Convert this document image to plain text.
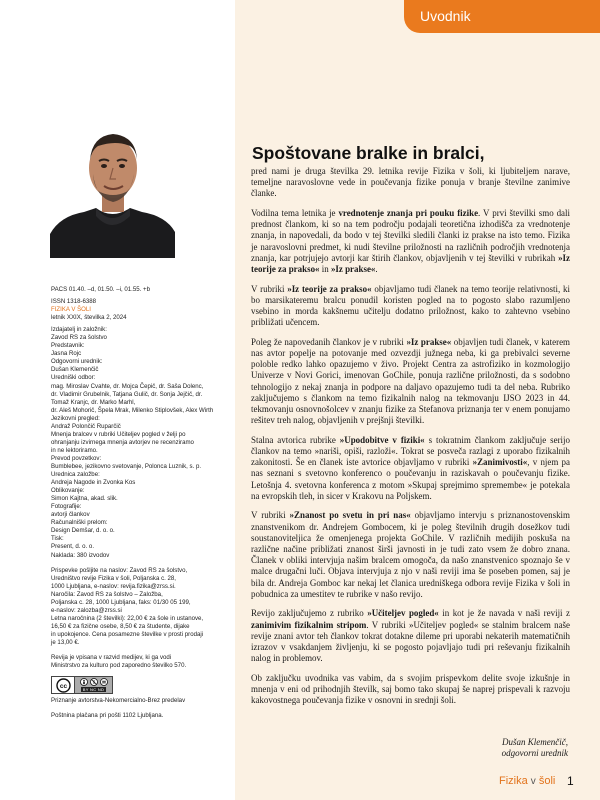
Uvodnik
PACS 01.40. –d, 01.50. –i, 01.55. +b
ISSN 1318-6388
FIZIKA V ŠOLI
letnik XXIX, številka 2, 2024
Izdajatelj in založnik:
Zavod RS za šolstvo
Predstavnik:
Jasna Rojc
Odgovorni urednik:
Dušan Klemenčič
Uredniški odbor:
mag. Miroslav Cvahte, dr. Mojca Čepič, dr. Saša Dolenc,
dr. Vladimir Grubelnik, Tatjana Gulič, dr. Sonja Jejčič, dr.
Tomaž Kranjc, dr. Marko Marhl,
dr. Aleš Mohorič, Špela Mrak, Milenko Stiplovšek, Alex Wirth
Jezikovni pregled:
Andraž Polončič Ruparčič
Mnenja bralcev v rubriki Učiteljev pogled v želji po
ohranjanju izvirnega mnenja avtorjev ne recenziramo
in ne lektoriramo.
Prevod povzetkov:
Bumblebee, jezikovno svetovanje, Polonca Luznik, s. p.
Urednica založbe:
Andreja Nagode in Zvonka Kos
Oblikovanje:
Simon Kajtna, akad. slik.
Fotografije:
avtorji člankov
Računalniški prelom:
Design Demšar, d. o. o.
Tisk:
Present, d. o. o.
Naklada: 380 izvodov
Prispevke pošljite na naslov: Zavod RS za šolstvo,
Uredništvo revije Fizika v šoli, Poljanska c. 28,
1000 Ljubljana, e-naslov: revija.fizika@zrss.si.
Naročila: Zavod RS za šolstvo – Založba,
Poljanska c. 28, 1000 Ljubljana, faks: 01/30 05 199,
e-naslov: zalozba@zrss.si
Letna naročnina (2 številki): 22,00 € za šole in ustanove,
16,50 € za fizične osebe, 8,50 € za študente, dijake
in upokojence. Cena posamezne številke v prosti prodaji
je 13,00 €.
Revija je vpisana v razvid medijev, ki ga vodi
Ministrstvo za kulturo pod zaporedno številko 570.
cc	BY NC ND
Priznanje avtorstva-Nekomercialno-Brez predelav
Poštnina plačana pri pošti 1102 Ljubljana.
Spoštovane bralke in bralci,

pred nami je druga številka 29. letnika revije Fizika v šoli, ki ljubiteljem narave, temeljne naravoslovne vede in poučevanja fizike ponuja v branje številne zanimive članke.

Vodilna tema letnika je vrednotenje znanja pri pouku fizike. V prvi številki smo dali prednost člankom, ki so na tem področju podajali teoretična izhodišča za vrednotenje znanja, in napovedali, da bodo v tej številki sledili članki iz prakse na isto temo. Fizika je naravoslovni predmet, ki nudi številne priložnosti na različnih področjih vrednotenja znanja, kar potrjujejo avtorji kar štirih člankov, objavljenih v tej številki v rubrikah »Iz teorije za prakso« in »Iz prakse«.

V rubriki »Iz teorije za prakso« objavljamo tudi članek na temo teorije relativnosti, ki bo marsikateremu bralcu ponudil koristen pogled na to pogosto slabo razumljeno vsebino in morda kakšnemu učitelju dodatno priložnost, kako to zahtevno vsebino približati učencem.

Poleg že napovedanih člankov je v rubriki »Iz prakse« objavljen tudi članek, v katerem nas avtor popelje na potovanje med ozvezdji južnega neba, ki ga prebivalci severne poloble redko lahko opazujemo v živo. Projekt Centra za astrofiziko in kozmologijo Univerze v Novi Gorici, imenovan GoChile, ponuja različne priložnosti, da s sodobno tehnologijo z nekaj znanja in podpore na daljavo opazujemo tudi ta del neba. Rubriko zaključujemo s člankom na temo fizikalnih nalog na tekmovanju IJSO 2023 in 44. tekmovanju osnovnošolcev v znanju fizike za Stefanova priznanja ter v enem ponujamo rešitev treh nalog, objavljenih v prejšnji številki.

Stalna avtorica rubrike »Upodobitve v fiziki« s tokratnim člankom zaključuje serijo člankov na temo »nariši, opiši, razloži«. Tokrat se posveča razlagi z uporabo fizikalnih zakonitosti. Še en članek iste avtorice objavljamo v rubriki »Zanimivosti«, v njem pa nas seznani s svetovno konferenco o poučevanju in raziskavah o poučevanju fizike. Letošnja 4. svetovna konferenca z motom »Skupaj sprejmimo spremembe« je potekala na evropskih tleh, in sicer v Krakovu na Poljskem.

V rubriki »Znanost po svetu in pri nas« objavljamo intervju s priznanostovenskim znanstvenikom dr. Andrejem Gombocem, ki je poleg številnih drugih dosežkov tudi soustanoviteljica že omenjenega projekta GoChile. V različnih medijih poskuša na različne načine približati znanost širši javnosti in je tudi zato vsem že dobro znana. Članek v obliki intervjuja našim bralcem omogoča, da našo znanstvenico spoznajo še v malce drugačni luči. Objava intervjuja z njo v naši reviji ima še poseben pomen, saj je bila dr. Andreja Gomboc kar nekaj let članica uredniškega odbora revije Fizika v šoli in pobudnica za umestitev te rubrike v našo revijo.

Revijo zaključujemo z rubriko »Učiteljev pogled« in kot je že navada v naši reviji z zanimivim fizikalnim stripom. V rubriki »Učiteljev pogled« se stalnim bralcem naše revije znani avtor teh člankov tokrat dotakne dileme pri uporabi nekaterih matematičnih izrazov v vsakdanjem življenju, ki se pogosto pojavljajo tudi pri reševanju fizikalnih nalog in problemov.

Ob zaključku uvodnika vas vabim, da s svojim prispevkom delite svoje izkušnje in mnenja v eni od prihodnjih številk, saj bomo tako skupaj še naprej prispevali k razvoju kakovostnega poučevanja fizike v osnovni in srednji šoli.

Dušan Klemenčič,
odgovorni urednik
Fizika v šoli 1
